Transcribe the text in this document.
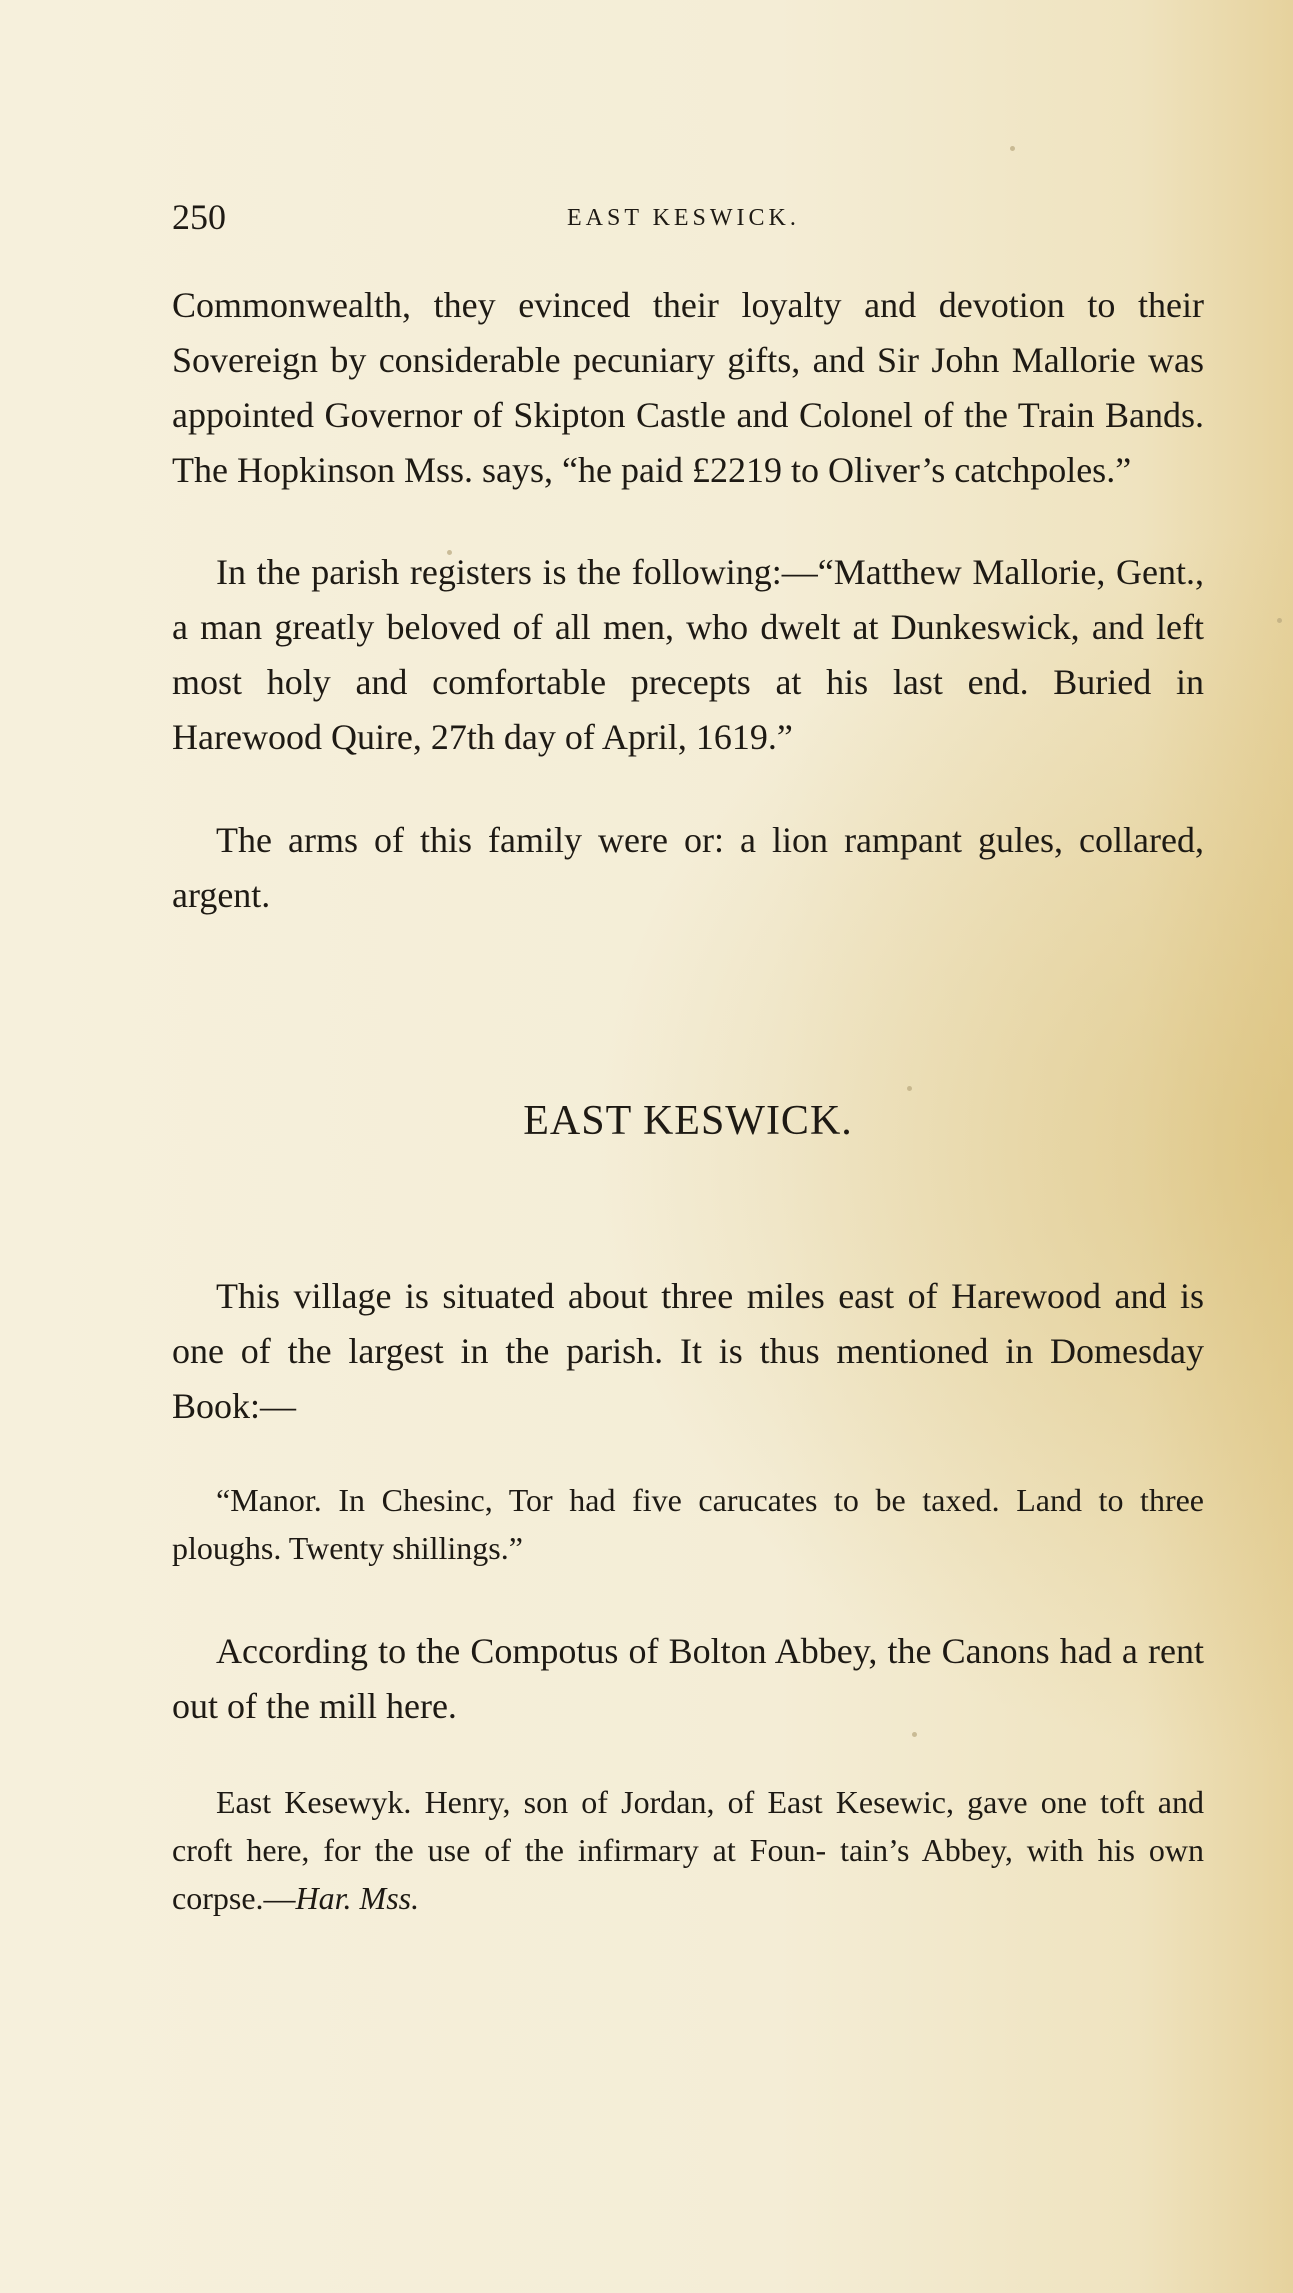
250	EAST KESWICK.

Commonwealth, they evinced their loyalty and devotion to their Sovereign by considerable pecuniary gifts, and Sir John Mallorie was appointed Governor of Skipton Castle and Colonel of the Train Bands. The Hopkinson Mss. says, “he paid £2219 to Oliver’s catchpoles.”

In the parish registers is the following:—“Matthew Mallorie, Gent., a man greatly beloved of all men, who dwelt at Dunkeswick, and left most holy and comfortable precepts at his last end. Buried in Harewood Quire, 27th day of April, 1619.”

The arms of this family were or: a lion rampant gules, collared, argent.

EAST KESWICK.

This village is situated about three miles east of Harewood and is one of the largest in the parish. It is thus mentioned in Domesday Book:—

“Manor. In Chesinc, Tor had five carucates to be taxed. Land to three ploughs. Twenty shillings.”

According to the Compotus of Bolton Abbey, the Canons had a rent out of the mill here.

East Kesewyk. Henry, son of Jordan, of East Kesewic, gave one toft and croft here, for the use of the infirmary at Foun- tain’s Abbey, with his own corpse.—Har. Mss.
